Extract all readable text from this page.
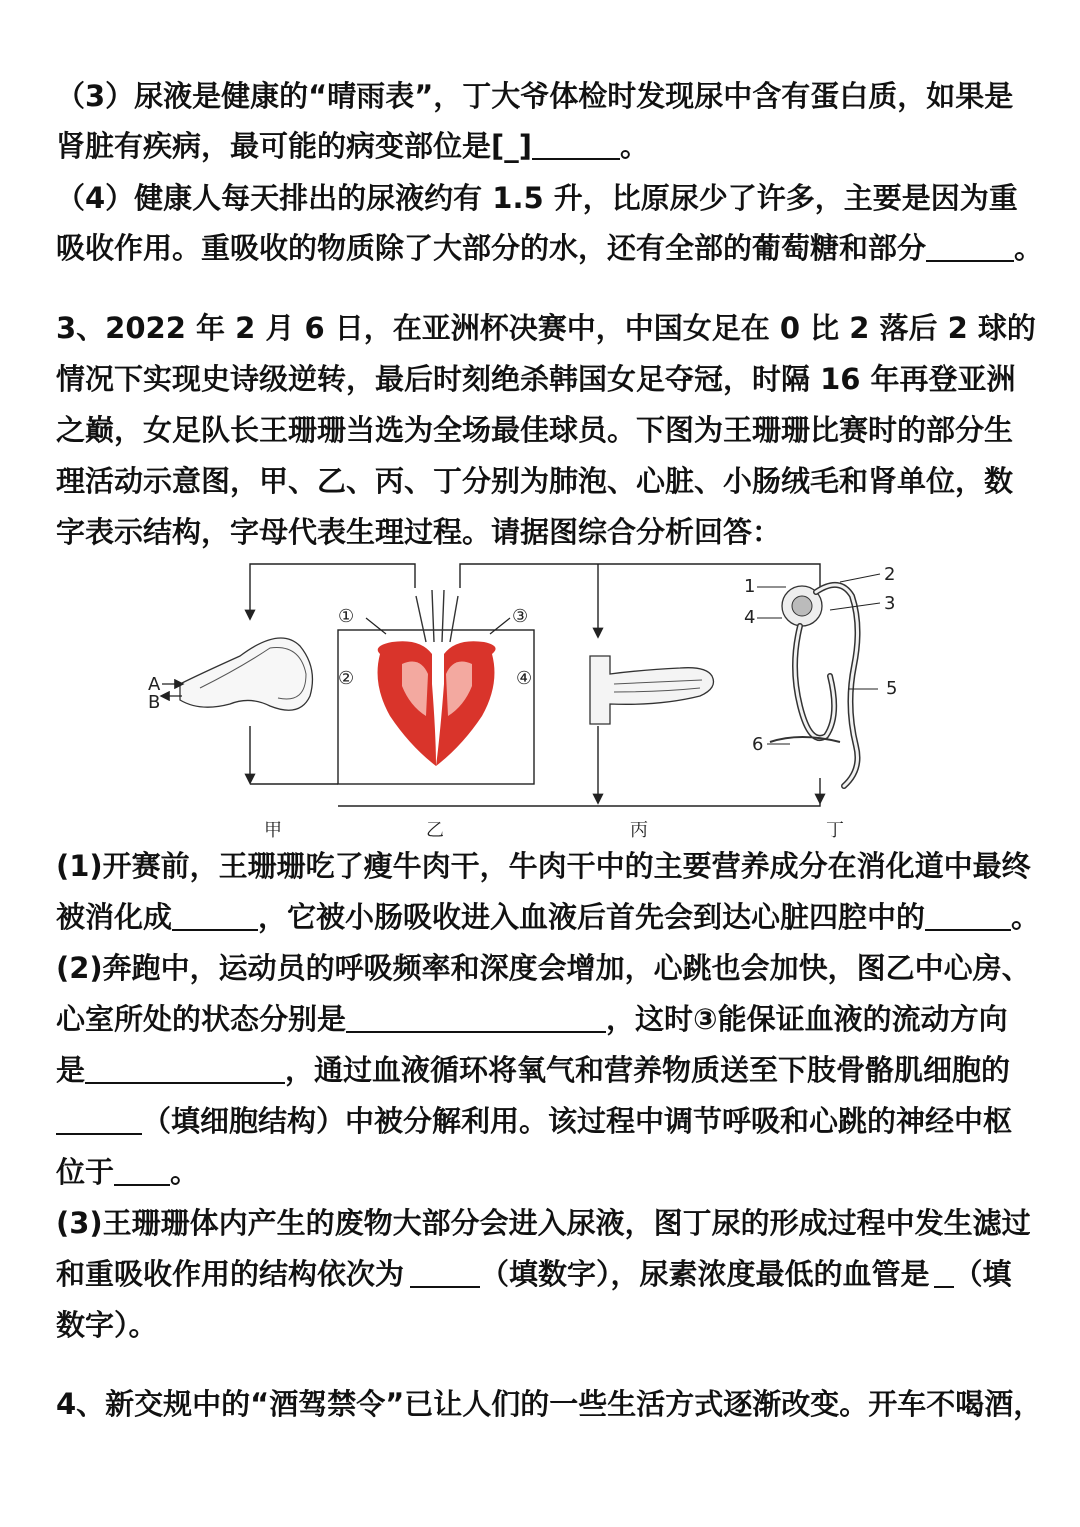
（3）尿液是健康的“晴雨表”，丁大爷体检时发现尿中含有蛋白质，如果是
肾脏有疾病，最可能的病变部位是[_]	。
（4）健康人每天排出的尿液约有 1.5 升，比原尿少了许多，主要是因为重
吸收作用。重吸收的物质除了大部分的水，还有全部的葡萄糖和部分	。
3、2022 年 2 月 6 日，在亚洲杯决赛中，中国女足在 0 比 2 落后 2 球的
情况下实现史诗级逆转，最后时刻绝杀韩国女足夺冠，时隔 16 年再登亚洲
之巅，女足队长王珊珊当选为全场最佳球员。下图为王珊珊比赛时的部分生
理活动示意图，甲、乙、丙、丁分别为肺泡、心脏、小肠绒毛和肾单位，数
字表示结构，字母代表生理过程。请据图综合分析回答：
甲	乙	丙	丁
A
B
①
②
③
④
1
2
3
4
5
6
(1)开赛前，王珊珊吃了瘦牛肉干，牛肉干中的主要营养成分在消化道中最终
被消化成	，它被小肠吸收进入血液后首先会到达心脏四腔中的	。
(2)奔跑中，运动员的呼吸频率和深度会增加，心跳也会加快，图乙中心房、
心室所处的状态分别是	，这时③能保证血液的流动方向
是	，通过血液循环将氧气和营养物质送至下肢骨骼肌细胞的
（填细胞结构）中被分解利用。该过程中调节呼吸和心跳的神经中枢
位于 。
(3)王珊珊体内产生的废物大部分会进入尿液，图丁尿的形成过程中发生滤过
和重吸收作用的结构依次为	（填数字），尿素浓度最低的血管是 （填
数字）。
4、新交规中的“酒驾禁令”已让人们的一些生活方式逐渐改变。开车不喝酒，
